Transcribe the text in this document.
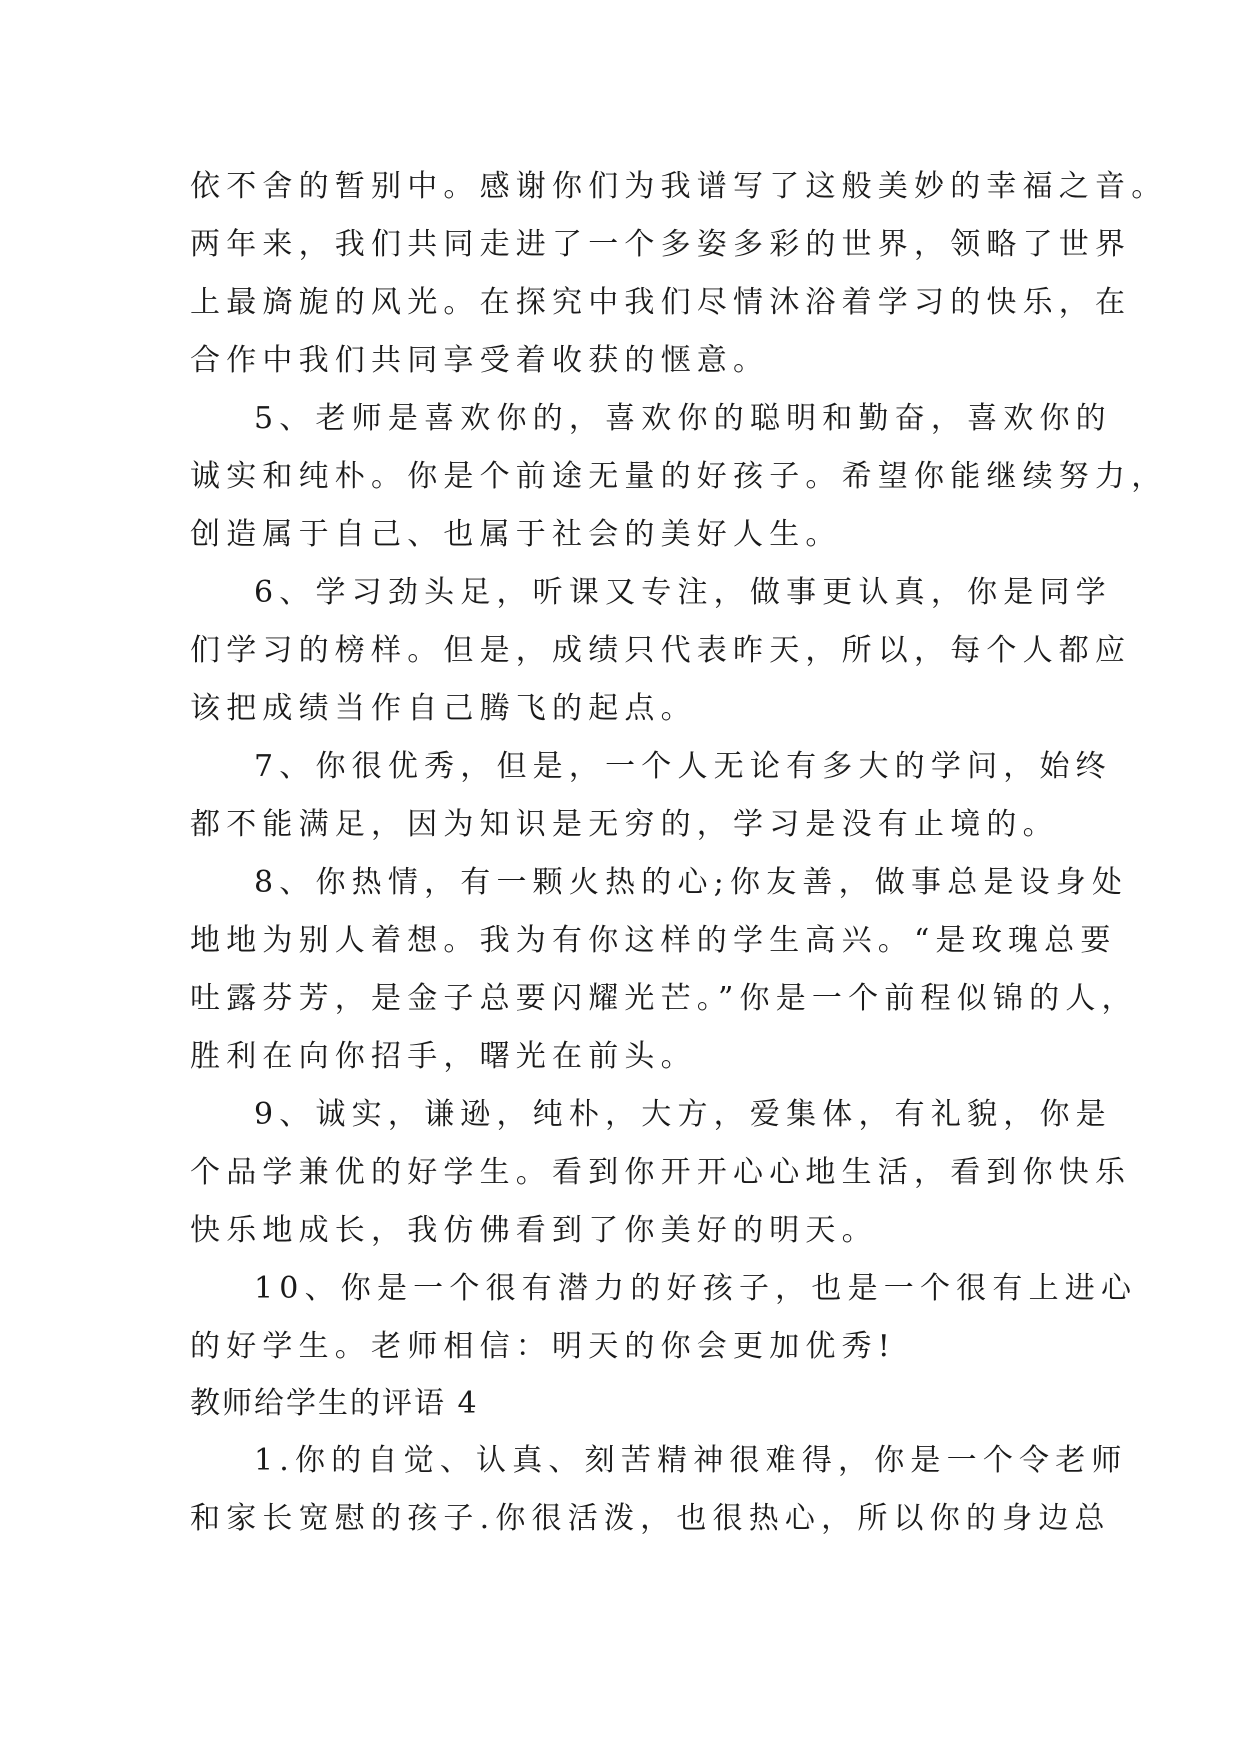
依不舍的暂别中。感谢你们为我谱写了这般美妙的幸福之音。
两年来，我们共同走进了一个多姿多彩的世界，领略了世界
上最旖旎的风光。在探究中我们尽情沐浴着学习的快乐，在
合作中我们共同享受着收获的惬意。
5、老师是喜欢你的，喜欢你的聪明和勤奋，喜欢你的
诚实和纯朴。你是个前途无量的好孩子。希望你能继续努力，
创造属于自己、也属于社会的美好人生。
6、学习劲头足，听课又专注，做事更认真，你是同学
们学习的榜样。但是，成绩只代表昨天，所以，每个人都应
该把成绩当作自己腾飞的起点。
7、你很优秀，但是，一个人无论有多大的学问，始终
都不能满足，因为知识是无穷的，学习是没有止境的。
8、你热情，有一颗火热的心;你友善，做事总是设身处
地地为别人着想。我为有你这样的学生高兴。“是玫瑰总要
吐露芬芳，是金子总要闪耀光芒。”你是一个前程似锦的人，
胜利在向你招手，曙光在前头。
9、诚实，谦逊，纯朴，大方，爱集体，有礼貌，你是
个品学兼优的好学生。看到你开开心心地生活，看到你快乐
快乐地成长，我仿佛看到了你美好的明天。
10、你是一个很有潜力的好孩子，也是一个很有上进心
的好学生。老师相信：明天的你会更加优秀!
教师给学生的评语 4
1.你的自觉、认真、刻苦精神很难得，你是一个令老师
和家长宽慰的孩子.你很活泼，也很热心，所以你的身边总
